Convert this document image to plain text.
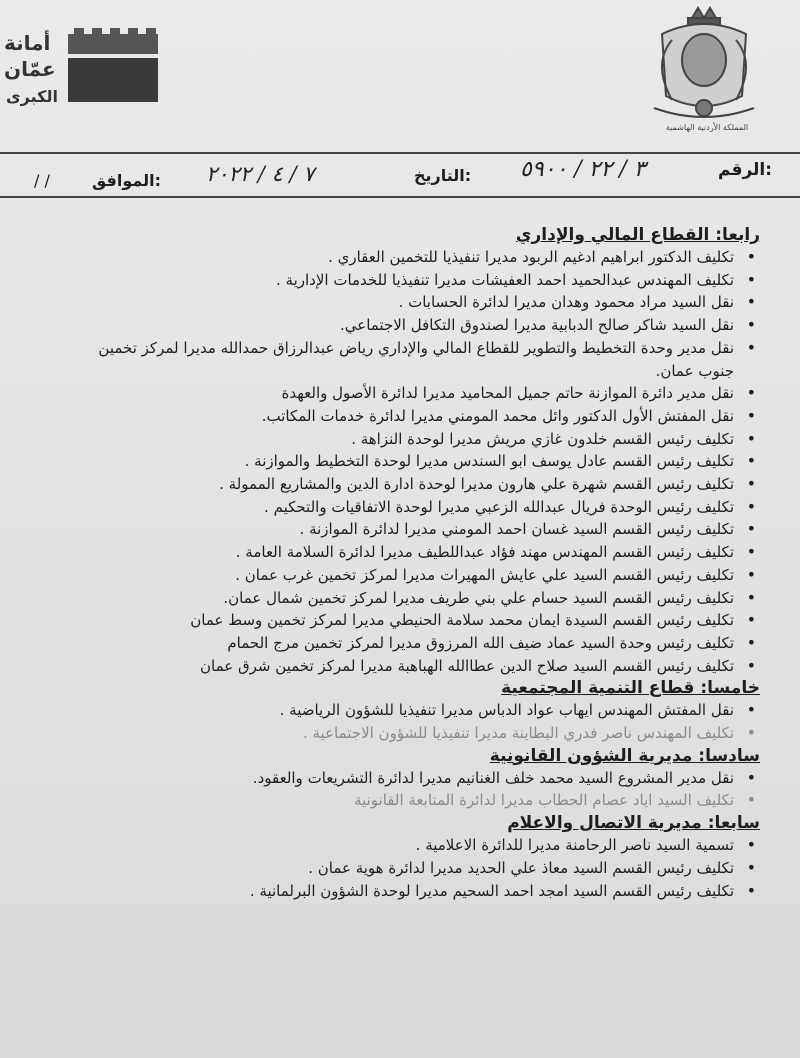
أمانة
عمّان
الكبرى
المملكة الأردنية الهاشمية
الرقم:
٣ / ٢٢ / ٥٩٠٠
التاريخ:
٧ / ٤ / ٢٠٢٢
الموافق:
/ /
رابعا: القطاع المالي والإداري
• تكليف الدكتور ابراهيم ادغيم الربود مديرا تنفيذيا للتخمين العقاري .
• تكليف المهندس عبدالحميد احمد العفيشات مديرا تنفيذيا للخدمات الإدارية .
• نقل السيد مراد محمود وهدان مديرا لدائرة الحسابات .
• نقل السيد شاكر صالح الدبابية مديرا لصندوق التكافل الاجتماعي.
• نقل مدير وحدة التخطيط والتطوير للقطاع المالي والإداري رياض عبدالرزاق حمدالله مديرا لمركز تخمين جنوب عمان.
• نقل مدير دائرة الموازنة حاتم جميل المحاميد مديرا لدائرة الأصول والعهدة
• نقل المفتش الأول الدكتور وائل محمد المومني مديرا لدائرة خدمات المكاتب.
• تكليف رئيس القسم خلدون غازي مريش مديرا لوحدة النزاهة .
• تكليف رئيس القسم عادل يوسف ابو السندس مديرا لوحدة التخطيط والموازنة .
• تكليف رئيس القسم شهرة علي هارون مديرا لوحدة ادارة الدين والمشاريع الممولة .
• تكليف رئيس الوحدة فريال عبدالله الزعبي مديرا لوحدة الاتفاقيات والتحكيم .
• تكليف رئيس القسم السيد غسان احمد المومني مديرا لدائرة الموازنة .
• تكليف رئيس القسم المهندس مهند فؤاد عبداللطيف مديرا لدائرة السلامة العامة .
• تكليف رئيس القسم السيد علي عايش المهيرات مديرا لمركز تخمين غرب عمان .
• تكليف رئيس القسم السيد حسام علي بني طريف مديرا لمركز تخمين شمال عمان.
• تكليف رئيس القسم السيدة ايمان محمد سلامة الحنيطي مديرا لمركز تخمين وسط عمان
• تكليف رئيس وحدة السيد عماد ضيف الله المرزوق مديرا لمركز تخمين مرج الحمام
• تكليف رئيس القسم السيد صلاح الدين عطاالله الهباهبة مديرا لمركز تخمين شرق عمان
خامسا: قطاع التنمية المجتمعية
• نقل المفتش المهندس ايهاب عواد الدباس مديرا تنفيذيا للشؤون الرياضية .
• تكليف المهندس ناصر فدري البطاينة مديرا تنفيذيا للشؤون الاجتماعية .
سادسا: مديرية الشؤون القانونية
• نقل مدير المشروع السيد محمد خلف الغنانيم مديرا لدائرة التشريعات والعقود.
• تكليف السيد اياد عصام الحطاب مديرا لدائرة المتابعة القانونية
سابعا: مديرية الاتصال والاعلام
• تسمية السيد ناصر الرحامنة مديرا للدائرة الاعلامية .
• تكليف رئيس القسم السيد معاذ علي الحديد مديرا لدائرة هوية عمان .
• تكليف رئيس القسم السيد امجد احمد السحيم مديرا لوحدة الشؤون البرلمانية .
